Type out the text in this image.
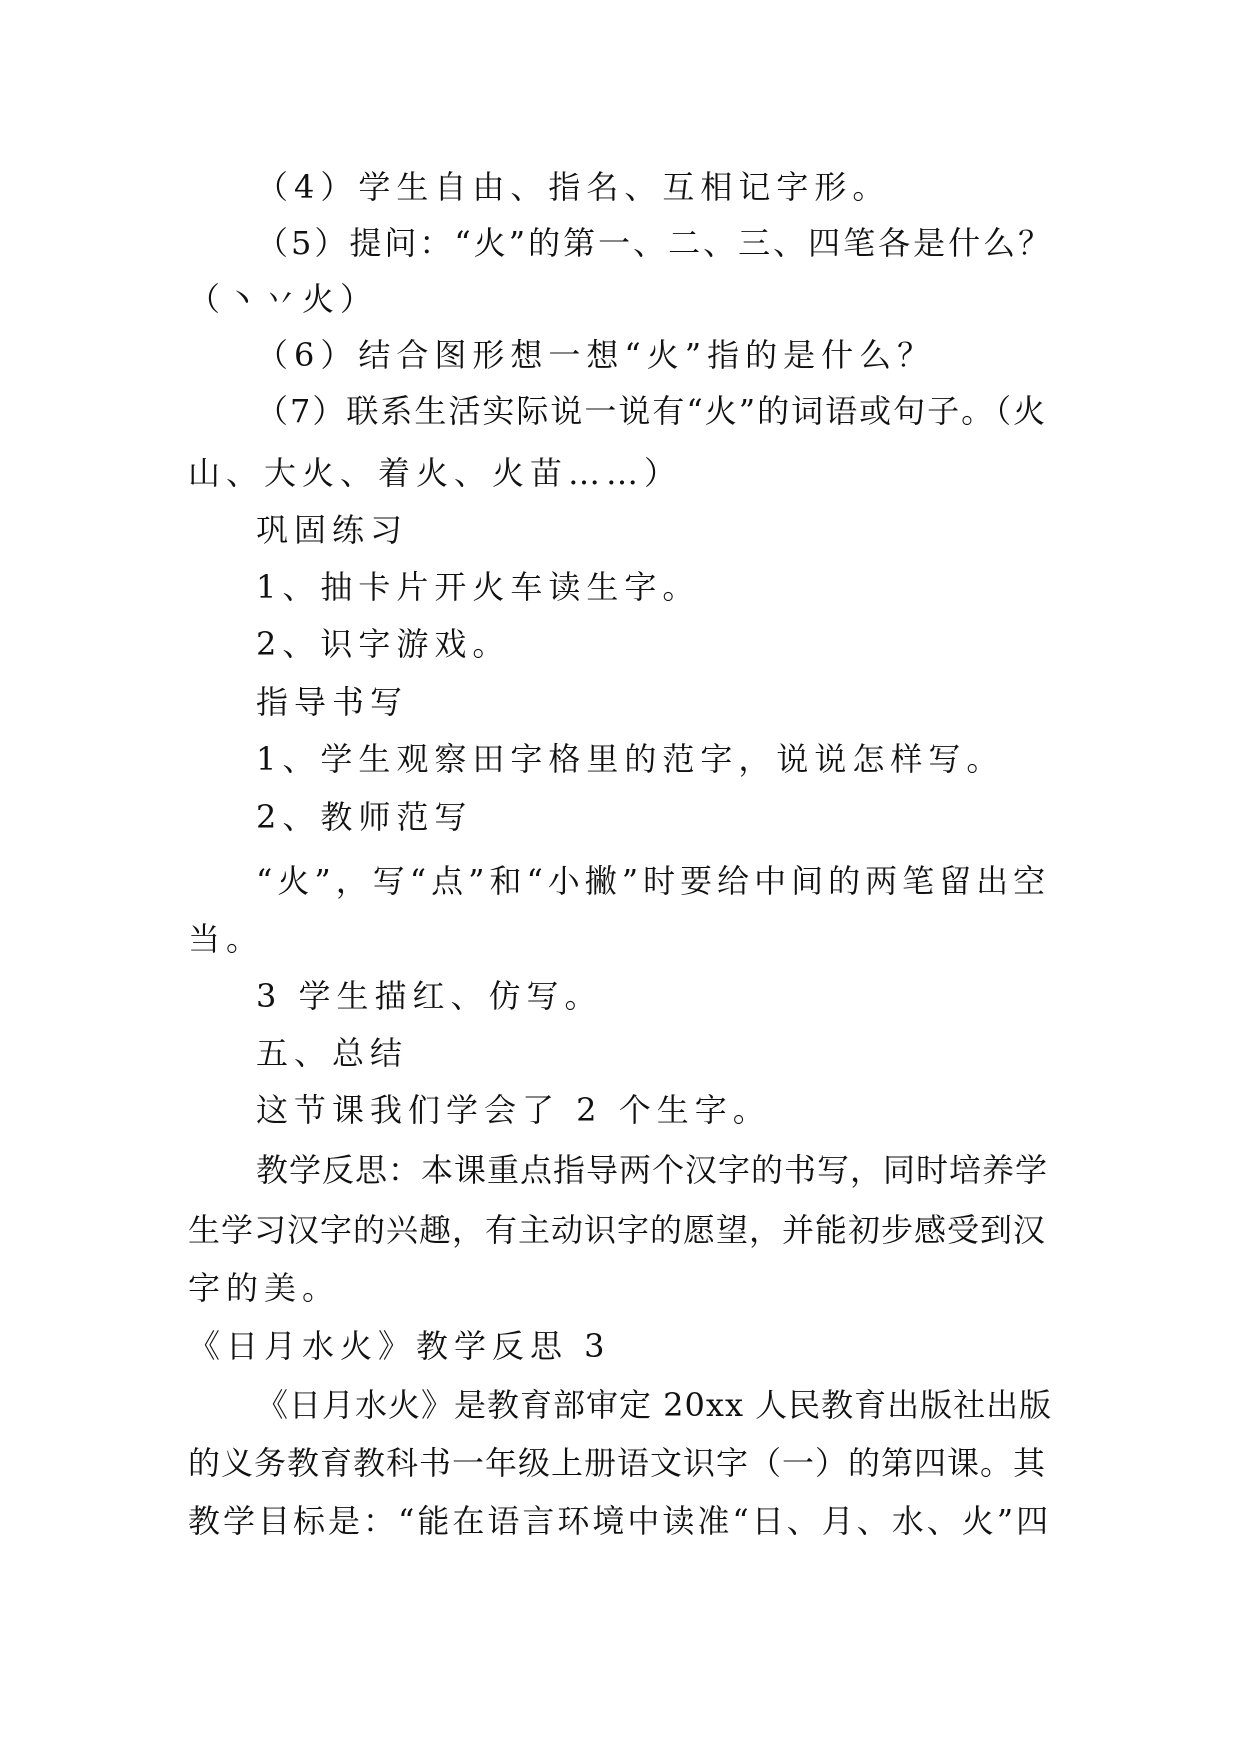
（4）学生自由、指名、互相记字形。
（5）提问：“火”的第一、二、三、四笔各是什么？
（丶丷火）
（6）结合图形想一想“火”指的是什么？
（7）联系生活实际说一说有“火”的词语或句子。（火
山、大火、着火、火苗……）
巩固练习
1、抽卡片开火车读生字。
2、识字游戏。
指导书写
1、学生观察田字格里的范字，说说怎样写。
2、教师范写
“火”，写“点”和“小撇”时要给中间的两笔留出空
当。
3 学生描红、仿写。
五、总结
这节课我们学会了 2 个生字。
教学反思：本课重点指导两个汉字的书写，同时培养学
生学习汉字的兴趣，有主动识字的愿望，并能初步感受到汉
字的美。
《日月水火》教学反思 3
《日月水火》是教育部审定 20xx 人民教育出版社出版
的义务教育教科书一年级上册语文识字（一）的第四课。其
教学目标是：“能在语言环境中读准“日、月、水、火”四
